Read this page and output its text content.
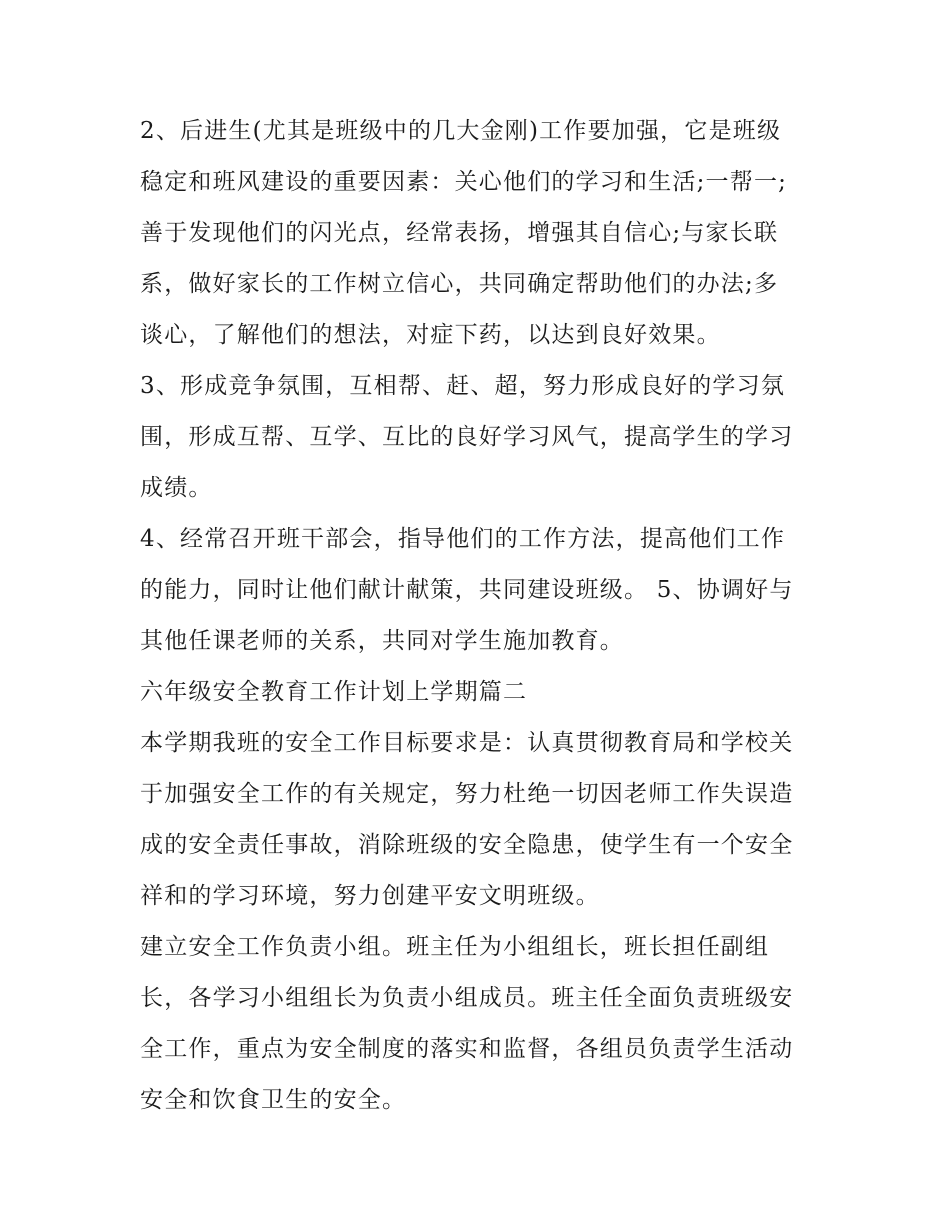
2、后进生(尤其是班级中的几大金刚)工作要加强，它是班级
稳定和班风建设的重要因素：关心他们的学习和生活;一帮一;
善于发现他们的闪光点，经常表扬，增强其自信心;与家长联
系，做好家长的工作树立信心，共同确定帮助他们的办法;多
谈心，了解他们的想法，对症下药，以达到良好效果。
3、形成竞争氛围，互相帮、赶、超，努力形成良好的学习氛
围，形成互帮、互学、互比的良好学习风气，提高学生的学习
成绩。
4、经常召开班干部会，指导他们的工作方法，提高他们工作
的能力，同时让他们献计献策，共同建设班级。 5、协调好与
其他任课老师的关系，共同对学生施加教育。
六年级安全教育工作计划上学期篇二
本学期我班的安全工作目标要求是：认真贯彻教育局和学校关
于加强安全工作的有关规定，努力杜绝一切因老师工作失误造
成的安全责任事故，消除班级的安全隐患，使学生有一个安全
祥和的学习环境，努力创建平安文明班级。
建立安全工作负责小组。班主任为小组组长，班长担任副组
长，各学习小组组长为负责小组成员。班主任全面负责班级安
全工作，重点为安全制度的落实和监督，各组员负责学生活动
安全和饮食卫生的安全。
